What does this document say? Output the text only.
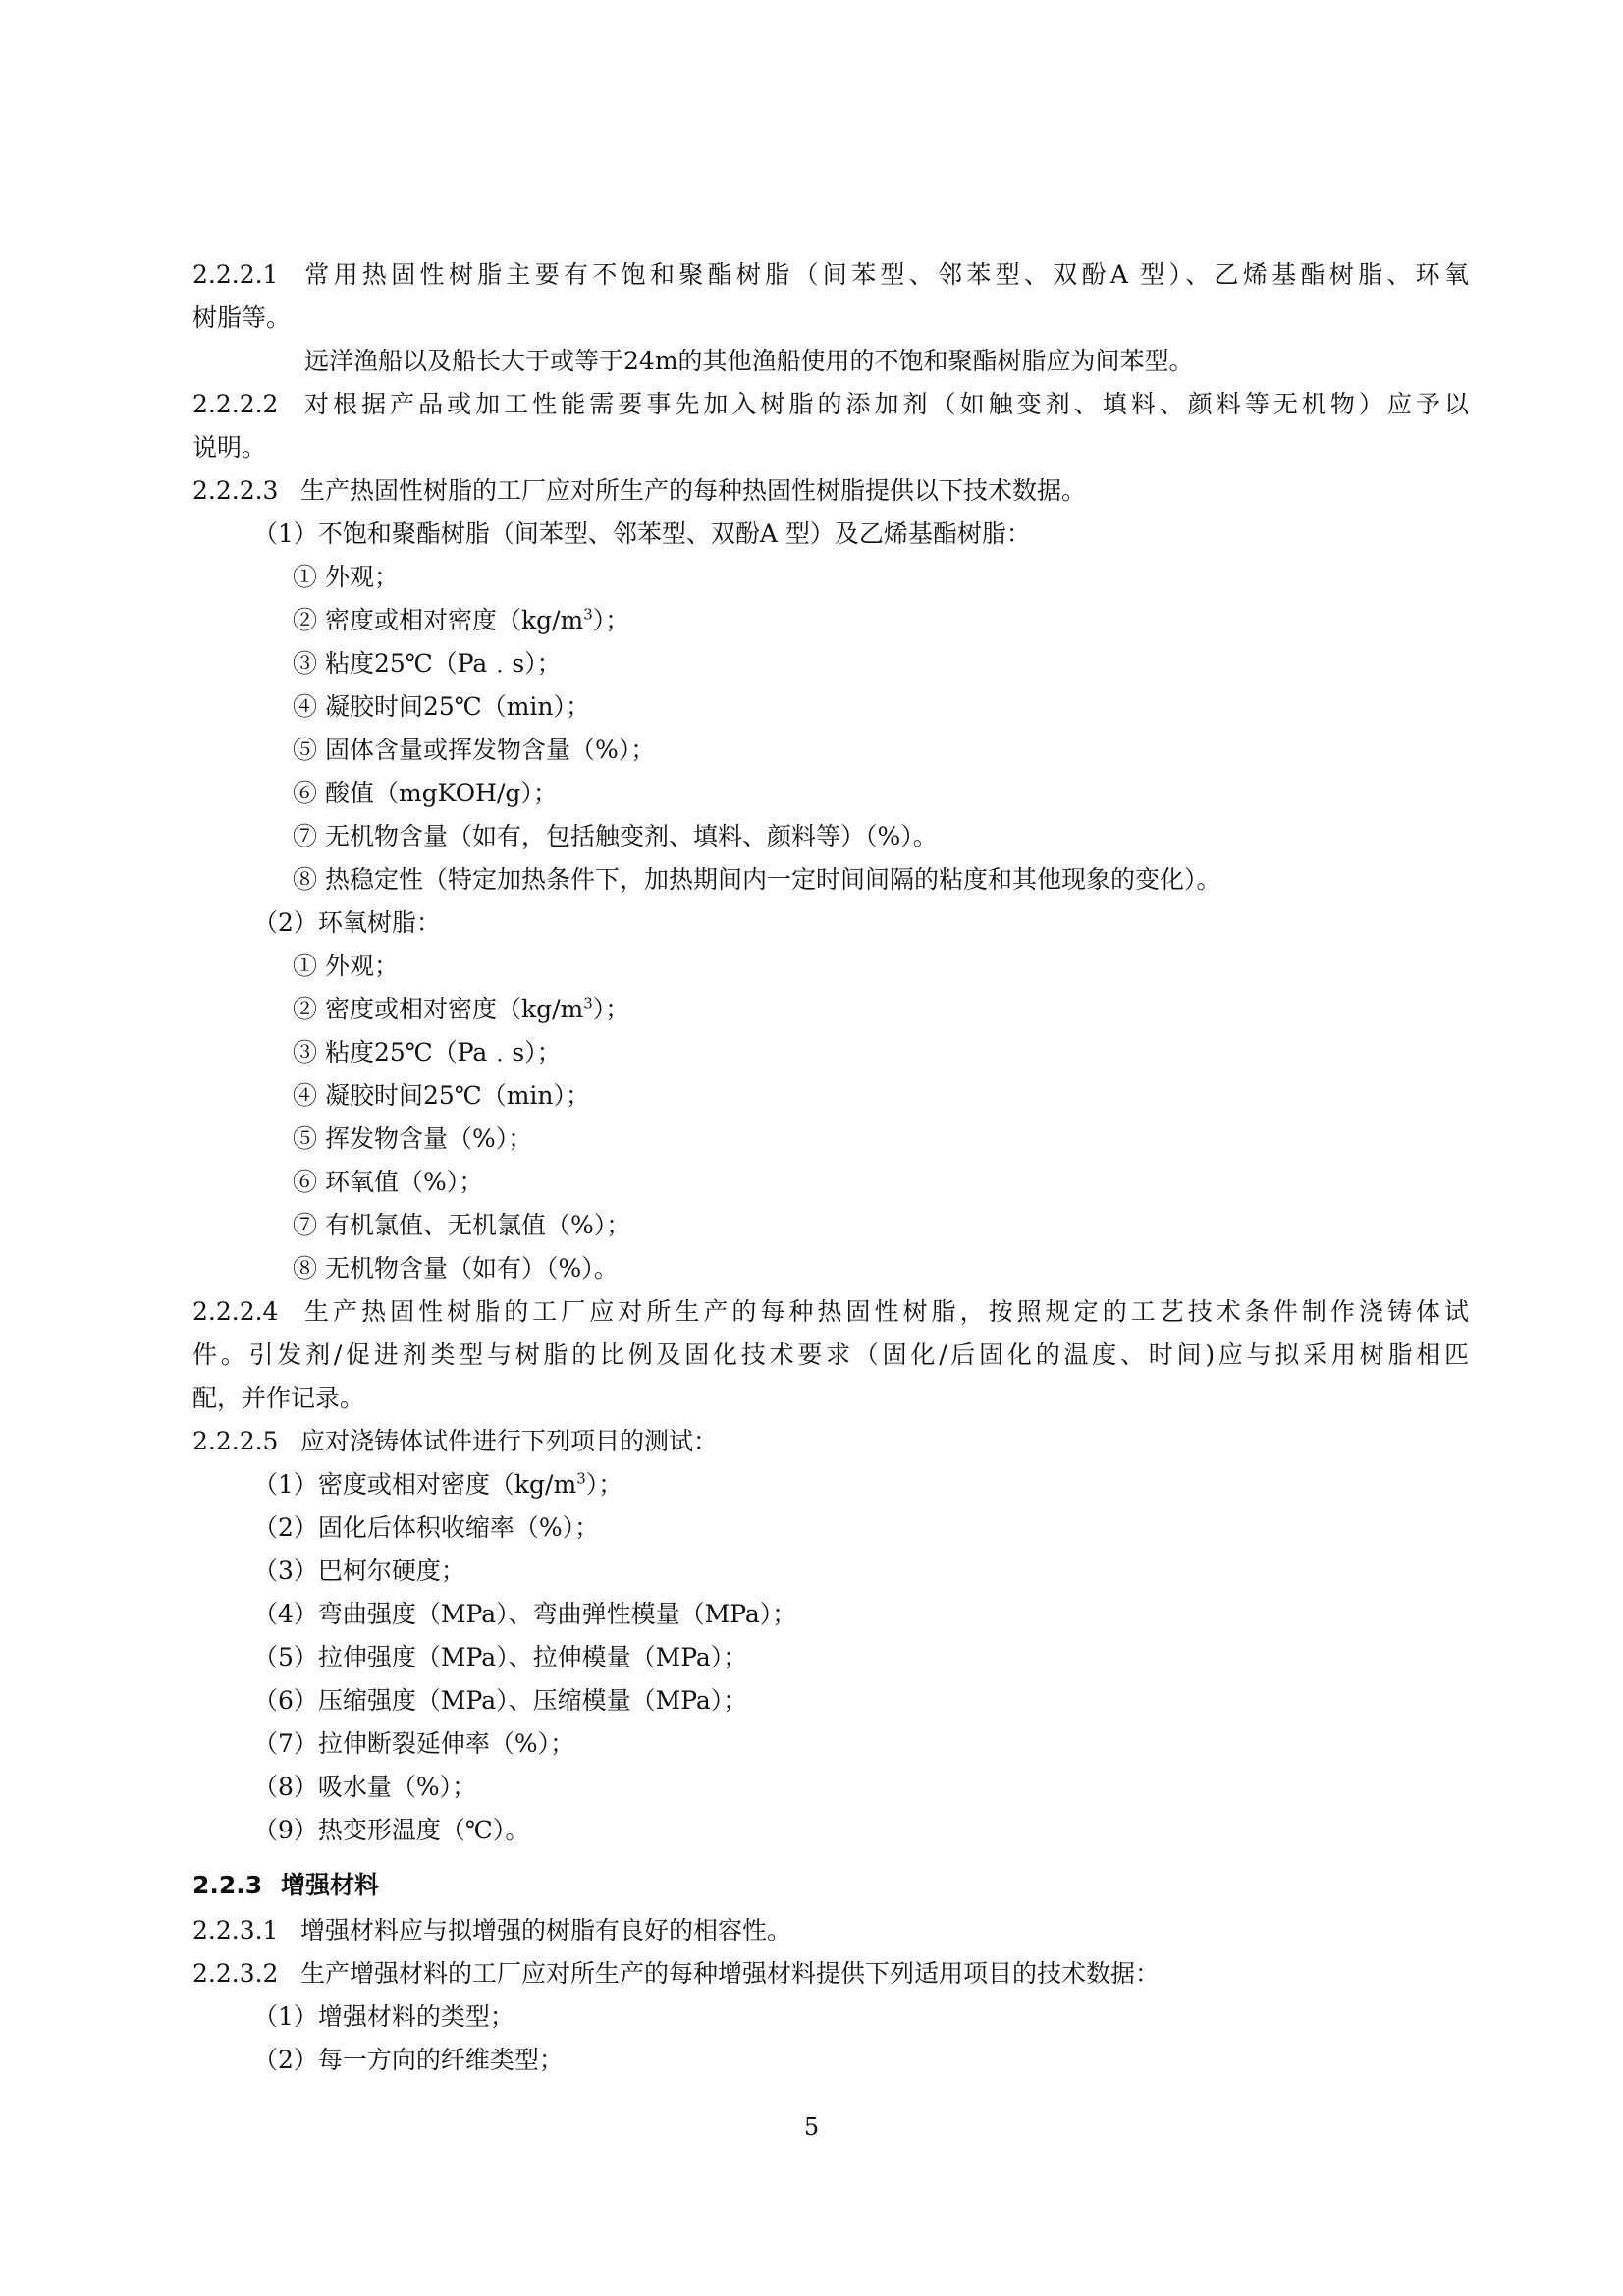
2.2.2.1 常用热固性树脂主要有不饱和聚酯树脂（间苯型、邻苯型、双酚A 型）、乙烯基酯树脂、环氧
树脂等。
远洋渔船以及船长大于或等于24m的其他渔船使用的不饱和聚酯树脂应为间苯型。
2.2.2.2 对根据产品或加工性能需要事先加入树脂的添加剂（如触变剂、填料、颜料等无机物）应予以
说明。
2.2.2.3 生产热固性树脂的工厂应对所生产的每种热固性树脂提供以下技术数据。
（1）不饱和聚酯树脂（间苯型、邻苯型、双酚A 型）及乙烯基酯树脂：
① 外观；
② 密度或相对密度$(kg/m^3)$；
③ 粘度25℃（Pa﹒s）；
④ 凝胶时间25℃（min）；
⑤ 固体含量或挥发物含量（%）；
⑥ 酸值（mgKOH/g）；
⑦ 无机物含量（如有，包括触变剂、填料、颜料等）（%）。
⑧ 热稳定性（特定加热条件下，加热期间内一定时间间隔的粘度和其他现象的变化）。
（2）环氧树脂：
① 外观；
② 密度或相对密度$(kg/m^3)$；
③ 粘度25℃（Pa﹒s）；
④ 凝胶时间25℃（min）；
⑤ 挥发物含量（%）；
⑥ 环氧值（%）；
⑦ 有机氯值、无机氯值（%）；
⑧ 无机物含量（如有）（%）。
2.2.2.4 生产热固性树脂的工厂应对所生产的每种热固性树脂，按照规定的工艺技术条件制作浇铸体试
件。引发剂/促进剂类型与树脂的比例及固化技术要求（固化/后固化的温度、时间)应与拟采用树脂相匹
配，并作记录。
2.2.2.5 应对浇铸体试件进行下列项目的测试：
（1）密度或相对密度$(kg/m^3)$；
（2）固化后体积收缩率（%）；
（3）巴柯尔硬度；
（4）弯曲强度（MPa）、弯曲弹性模量（MPa）；
（5）拉伸强度（MPa）、拉伸模量（MPa）；
（6）压缩强度（MPa）、压缩模量（MPa）；
（7）拉伸断裂延伸率（%）；
（8）吸水量（%）；
（9）热变形温度（℃）。
2.2.3 增强材料
2.2.3.1 增强材料应与拟增强的树脂有良好的相容性。
2.2.3.2 生产增强材料的工厂应对所生产的每种增强材料提供下列适用项目的技术数据：
（1）增强材料的类型；
（2）每一方向的纤维类型；
5
